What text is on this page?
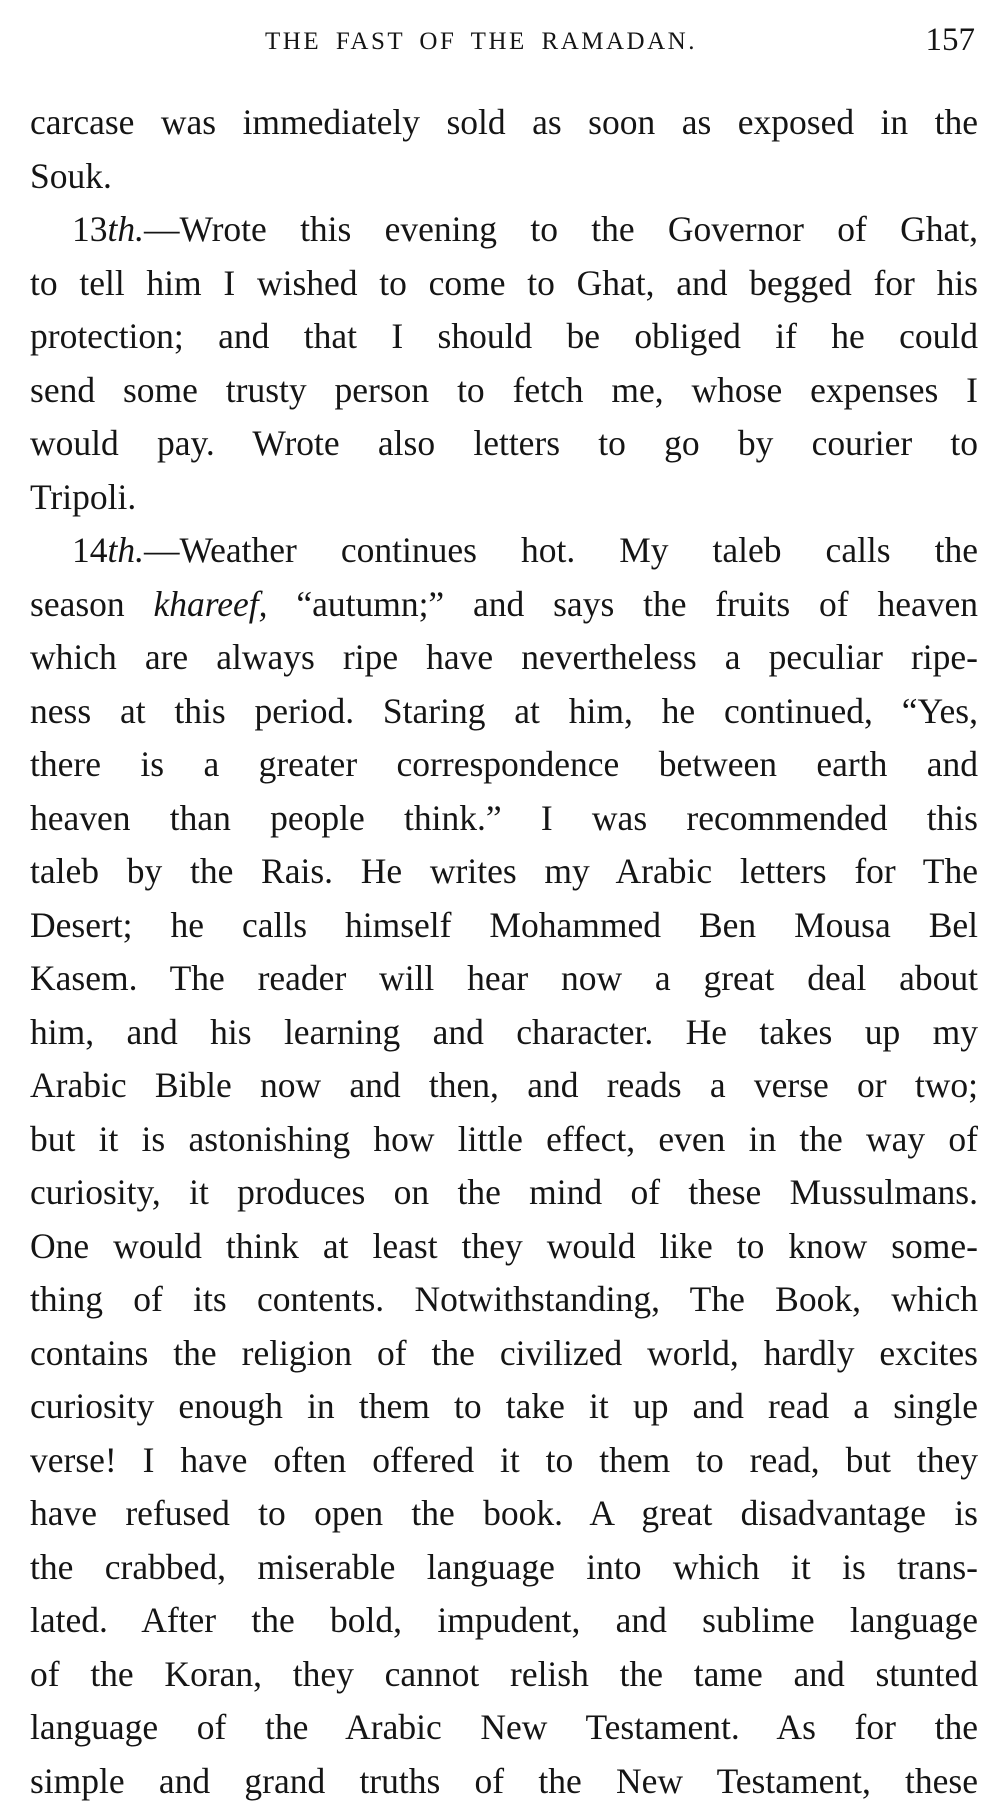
THE FAST OF THE RAMADAN.	157
carcase was immediately sold as soon as exposed in the
Souk.
13th.—Wrote this evening to the Governor of Ghat,
to tell him I wished to come to Ghat, and begged for his
protection; and that I should be obliged if he could
send some trusty person to fetch me, whose expenses I
would pay. Wrote also letters to go by courier to
Tripoli.
14th.—Weather continues hot. My taleb calls the
season khareef, “autumn;” and says the fruits of heaven
which are always ripe have nevertheless a peculiar ripe-
ness at this period. Staring at him, he continued, “Yes,
there is a greater correspondence between earth and
heaven than people think.” I was recommended this
taleb by the Rais. He writes my Arabic letters for The
Desert; he calls himself Mohammed Ben Mousa Bel
Kasem. The reader will hear now a great deal about
him, and his learning and character. He takes up my
Arabic Bible now and then, and reads a verse or two;
but it is astonishing how little effect, even in the way of
curiosity, it produces on the mind of these Mussulmans.
One would think at least they would like to know some-
thing of its contents. Notwithstanding, The Book, which
contains the religion of the civilized world, hardly excites
curiosity enough in them to take it up and read a single
verse! I have often offered it to them to read, but they
have refused to open the book. A great disadvantage is
the crabbed, miserable language into which it is trans-
lated. After the bold, impudent, and sublime language
of the Koran, they cannot relish the tame and stunted
language of the Arabic New Testament. As for the
simple and grand truths of the New Testament, these
